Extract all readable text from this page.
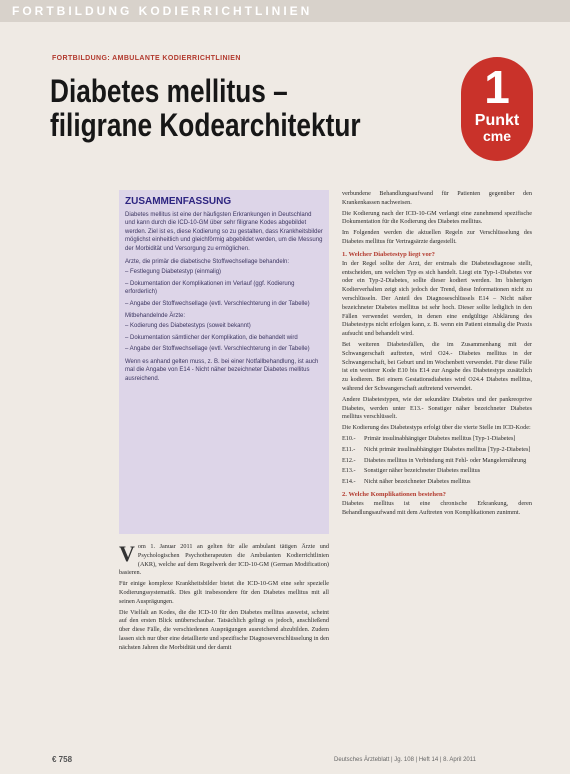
FORTBILDUNG KODIERRICHTLINIEN
FORTBILDUNG: AMBULANTE KODIERRICHTLINIEN
Diabetes mellitus – filigrane Kodearchitektur
1
Punkt
cme
ZUSAMMENFASSUNG

Diabetes mellitus ist eine der häufigsten Erkrankungen in Deutschland und kann durch die ICD-10-GM über sehr filigrane Kodes abgebildet werden. Ziel ist es, diese Kodierung so zu gestalten, dass Krankheitsbilder möglichst einheitlich und gleichförmig abgebildet werden, um die Messung der Morbidität und Versorgung zu ermöglichen.

Arzte, die primär die diabetische Stoffwechsellage behandeln:

– Festlegung Diabetestyp (einmalig)
– Dokumentation der Komplikationen im Verlauf (ggf. Kodierung erforderlich)
– Angabe der Stoffwechsellage (evtl. Verschlechterung in der Tabelle)

Mitbehandelnde Ärzte:

– Kodierung des Diabetestyps (soweit bekannt)
– Dokumentation sämtlicher der Komplikation, die behandelt wird
– Angabe der Stoffwechsellage (evtl. Verschlechterung in der Tabelle)

Wenn es anhand gelten muss, z. B. bei einer Notfallbehandlung, ist auch mal die Angabe von E14 - Nicht näher bezeichneter Diabetes mellitus ausreichend.

verbundene Behandlungsaufwand für Patienten gegenüber den Krankenkassen nachweisen.

Die Kodierung nach der ICD-10-GM verlangt eine zunehmend spezifische Dokumentation für die Kodierung des Diabetes mellitus.

Im Folgenden werden die aktuellen Regeln zur Verschlüsselung des Diabetes mellitus für Vertragsärzte dargestellt.

1. Welcher Diabetestyp liegt vor?

In der Regel sollte der Arzt, der erstmals die Diabetesdiagnose stellt, entscheiden, um welchen Typ es sich handelt. Liegt ein Typ-1-Diabetes vor oder ein Typ-2-Diabetes, sollte dieser kodiert werden. Im bisherigen Kodierverhalten zeigt sich jedoch der Trend, diese Informationen nicht zu verschlüsseln. Der Anteil des Diagnoseschlüssels E14 – Nicht näher bezeichneter Diabetes mellitus ist sehr hoch. Dieser sollte lediglich in den Fällen verwendet werden, in denen eine endgültige Abklärung des Diabetestyps nicht erfolgen kann, z. B. wenn ein Patient einmalig die Praxis aufsucht und behandelt wird.

Bei weiteren Diabetesfällen, die im Zusammenhang mit der Schwangerschaft auftreten, wird O24.- Diabetes mellitus in der Schwangerschaft, bei Geburt und im Wochenbett verwendet. Für diese Fälle ist ein weiterer Kode E10 bis E14 zur Angabe des Diabetestyps zusätzlich zu kodieren. Bei einem Gestationsdiabetes wird O24.4 Diabetes mellitus, während der Schwangerschaft auftretend verwendet.

Andere Diabetestypen, wie der sekundäre Diabetes und der pankreoprive Diabetes, werden unter E13.- Sonstiger näher bezeichneter Diabetes mellitus verschlüsselt.

Die Kodierung des Diabetestyps erfolgt über die vierte Stelle im ICD-Kode:

E10.- Primär insulinabhängiger Diabetes mellitus [Typ-1-Diabetes]

E11.- Nicht primär insulinabhängiger Diabetes mellitus [Typ-2-Diabetes]

E12.- Diabetes mellitus in Verbindung mit Fehl- oder Mangelernährung

E13.- Sonstiger näher bezeichneter Diabetes mellitus

E14.- Nicht näher bezeichneter Diabetes mellitus

2. Welche Komplikationen bestehen?

Diabetes mellitus ist eine chronische Erkrankung, deren Behandlungsaufwand mit dem Auftreten von Komplikationen zunimmt.

Vom 1. Januar 2011 an gelten für alle ambulant tätigen Ärzte und Psychologischen Psychotherapeuten die Ambulanten Kodierrichtlinien (AKR), welche auf dem Regelwerk der ICD-10-GM (German Modification) basieren.

Für einige komplexe Krankheitsbilder bietet die ICD-10-GM eine sehr spezielle Kodierungssystematik. Dies gilt insbesondere für den Diabetes mellitus mit all seinen Ausprägungen.

Die Vielfalt an Kodes, die die ICD-10 für den Diabetes mellitus ausweist, scheint auf den ersten Blick unüberschaubar. Tatsächlich gelingt es jedoch, anschließend über diese Fälle, die verschiedenen Ausprägungen ausreichend abzubilden. Zudem lassen sich nur über eine detaillierte und spezifische Diagnoseverschlüsselung in den nächsten Jahren die Morbidität und der damit

€ 758	Deutsches Ärzteblatt | Jg. 108 | Heft 14 | 8. April 2011
